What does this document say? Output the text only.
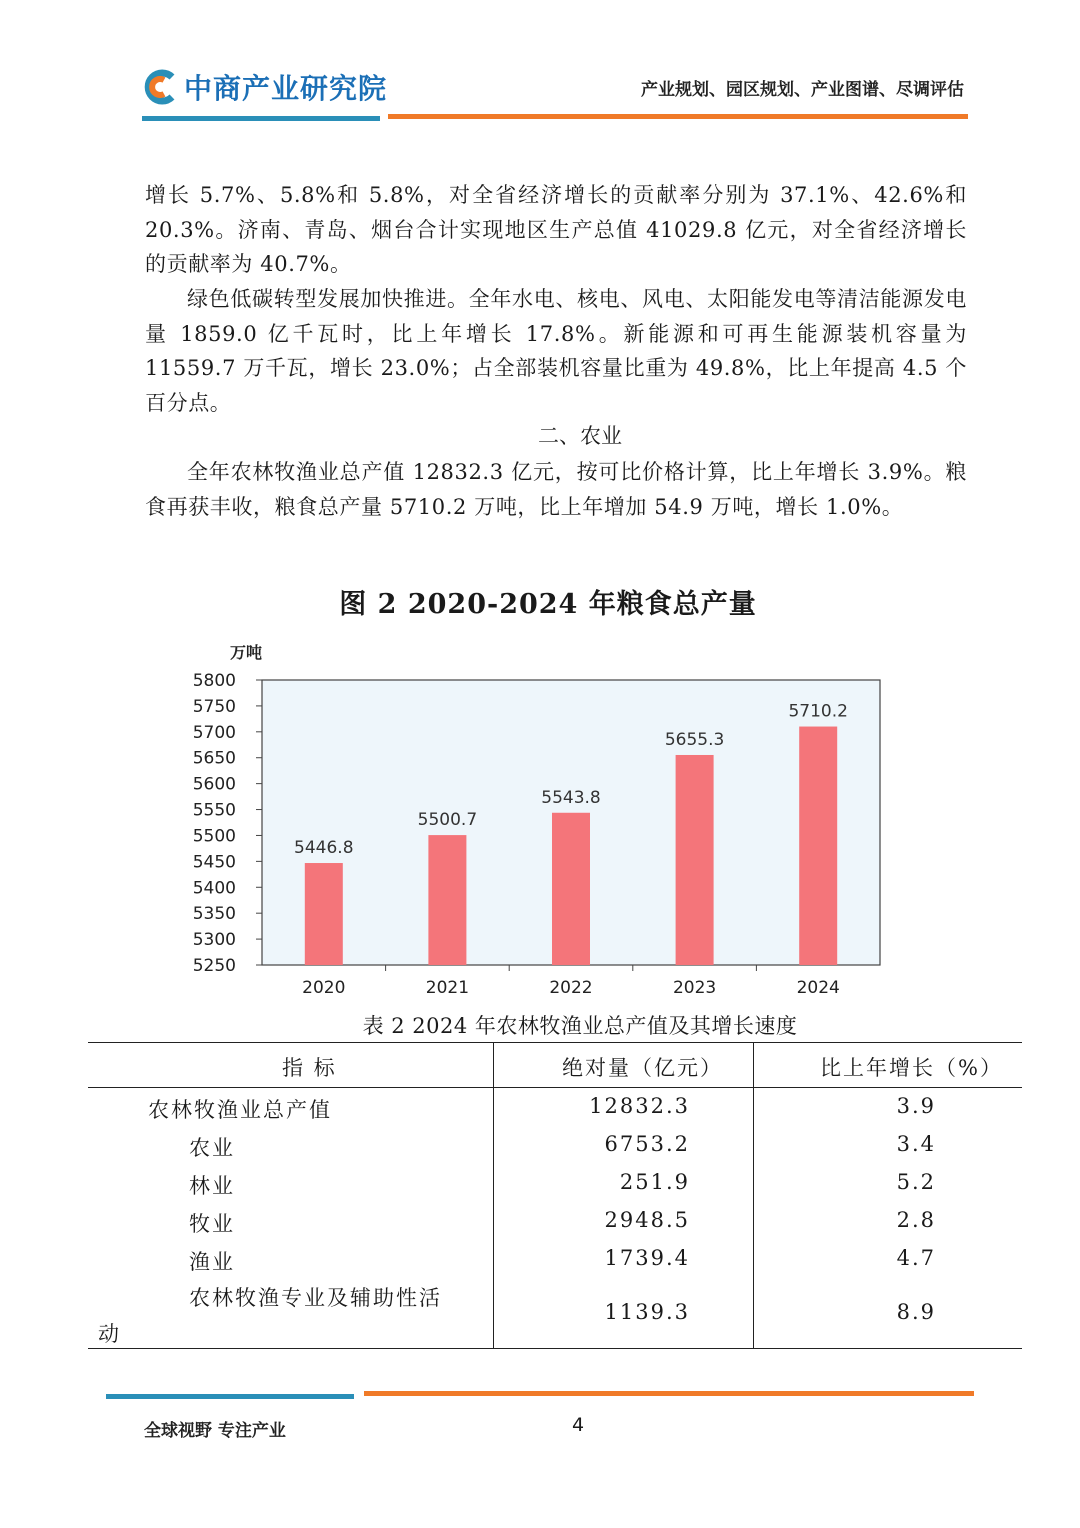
中商产业研究院	产业规划、园区规划、产业图谱、尽调评估

增长 5.7%、5.8%和 5.8%，对全省经济增长的贡献率分别为 37.1%、42.6%和 20.3%。济南、青岛、烟台合计实现地区生产总值 41029.8 亿元，对全省经济增长的贡献率为 40.7%。

绿色低碳转型发展加快推进。全年水电、核电、风电、太阳能发电等清洁能源发电量 1859.0 亿千瓦时，比上年增长 17.8%。新能源和可再生能源装机容量为 11559.7 万千瓦，增长 23.0%；占全部装机容量比重为 49.8%，比上年提高 4.5 个百分点。

二、农业

全年农林牧渔业总产值 12832.3 亿元，按可比价格计算，比上年增长 3.9%。粮食再获丰收，粮食总产量 5710.2 万吨，比上年增加 54.9 万吨，增长 1.0%。

图 2 2020-2024 年粮食总产量
万吨
5250
5300
5350
5400
5450
5500
5550
5600
5650
5700
5750
5800
5446.8
2020
5500.7
2021
5543.8
2022
5655.3
2023
5710.2
2024
表 2 2024 年农林牧渔业总产值及其增长速度
指 标	绝对量（亿元）	比上年增长（%）
农林牧渔业总产值	12832.3	3.9
农业	6753.2	3.4
林业	251.9	5.2
牧业	2948.5	2.8
渔业	1739.4	4.7
农林牧渔专业及辅助性活
动
1139.3	8.9
全球视野 专注产业	4
